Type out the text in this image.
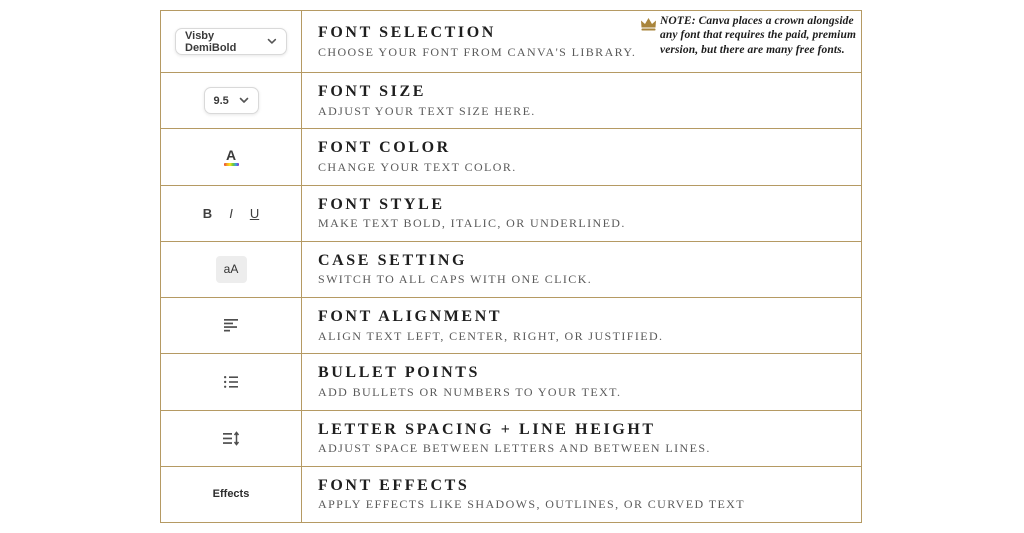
Visby DemiBold
FONT SELECTION
CHOOSE YOUR FONT FROM CANVA'S LIBRARY.
NOTE: Canva places a crown alongside any font that requires the paid, premium version, but there are many free fonts.
9.5
FONT SIZE
ADJUST YOUR TEXT SIZE HERE.
A	FONT COLOR
CHANGE YOUR TEXT COLOR.
B I U
FONT STYLE
MAKE TEXT BOLD, ITALIC, OR UNDERLINED.
aA
CASE SETTING
SWITCH TO ALL CAPS WITH ONE CLICK.
FONT ALIGNMENT
ALIGN TEXT LEFT, CENTER, RIGHT, OR JUSTIFIED.
BULLET POINTS
ADD BULLETS OR NUMBERS TO YOUR TEXT.
LETTER SPACING + LINE HEIGHT
ADJUST SPACE BETWEEN LETTERS AND BETWEEN LINES.
Effects
FONT EFFECTS
APPLY EFFECTS LIKE SHADOWS, OUTLINES, OR CURVED TEXT
